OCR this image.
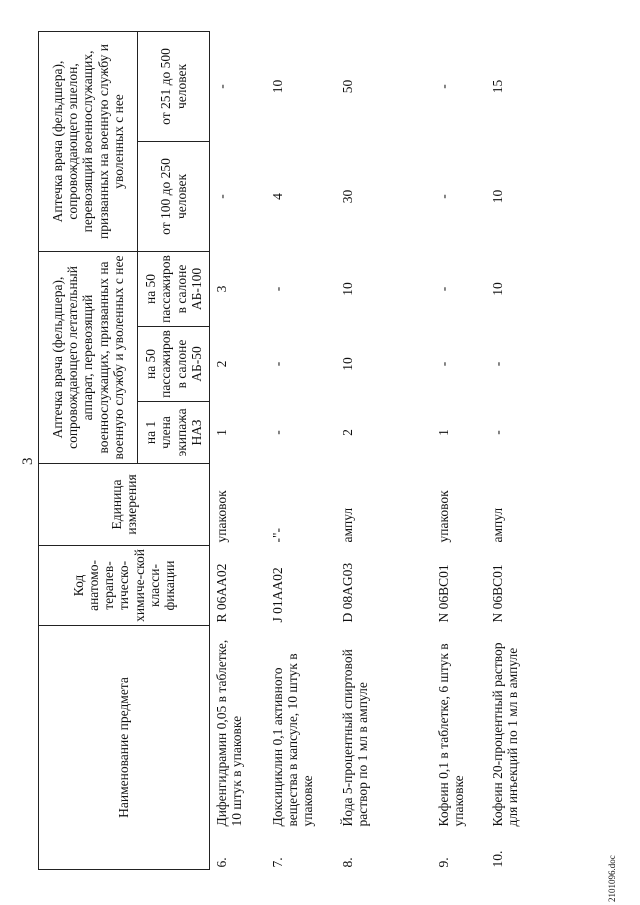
3
Наименование предмета		Код анатомо-терапев-тическо-химиче-ской класси-фикации	Единица измерения	Аптечка врача (фельдшера), сопровождающего летательный аппарат, перевозящий военнослужащих, призванных на военную службу и уволенных с нее			Аптечка врача (фельдшера), сопровождающего эшелон, перевозящий военнослужащих, призванных на военную службу и уволенных с нее	
				на 1 члена экипажа НАЗ	на 50 пассажиров в салоне АБ-50	на 50 пассажиров в салоне АБ-100	от 100 до 250 человек	от 251 до 500 человек
6.	Дифенгидрамин 0,05 в таблетке, 10 штук в упаковке	R 06AA02	упаковок	1	2	3	-	-
7.	Доксициклин 0,1 активного вещества в капсуле, 10 штук в упаковке	J 01AA02	-"-	-	-	-	4	10
8.	Йода 5-процентный спиртовой раствор по 1 мл в ампуле	D 08AG03	ампул	2	10	10	30	50
9.	Кофеин 0,1 в таблетке, 6 штук в упаковке	N 06BC01	упаковок	1	-	-	-	-
10.	Кофеин 20-процентный раствор для инъекций по 1 мл в ампуле	N 06BC01	ампул	-	-	10	10	15
2101096.doc
